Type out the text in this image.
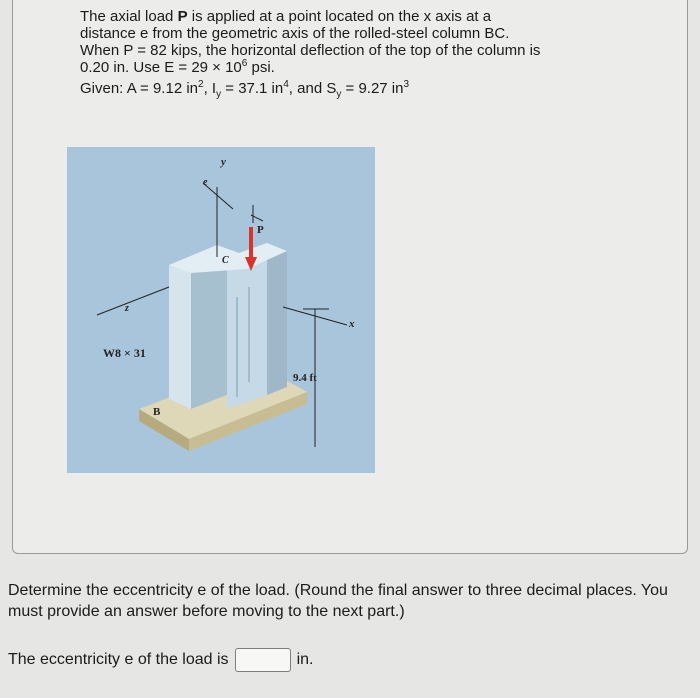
The axial load P is applied at a point located on the x axis at a

distance e from the geometric axis of the rolled-steel column BC.

When P = 82 kips, the horizontal deflection of the top of the column is

0.20 in. Use $E = 29 \times 10^6$ psi.

Given: A = 9.12 $in^2$, $I_y = 37.1$ $in^4$, and $S_y = 9.27$ $in^3$

W8 × 31
9.4 ft
B
C
P
x
y
z
e

Determine the eccentricity e of the load. (Round the final answer to three decimal places. You must provide an answer before moving to the next part.)

The eccentricity e of the load is	in.
